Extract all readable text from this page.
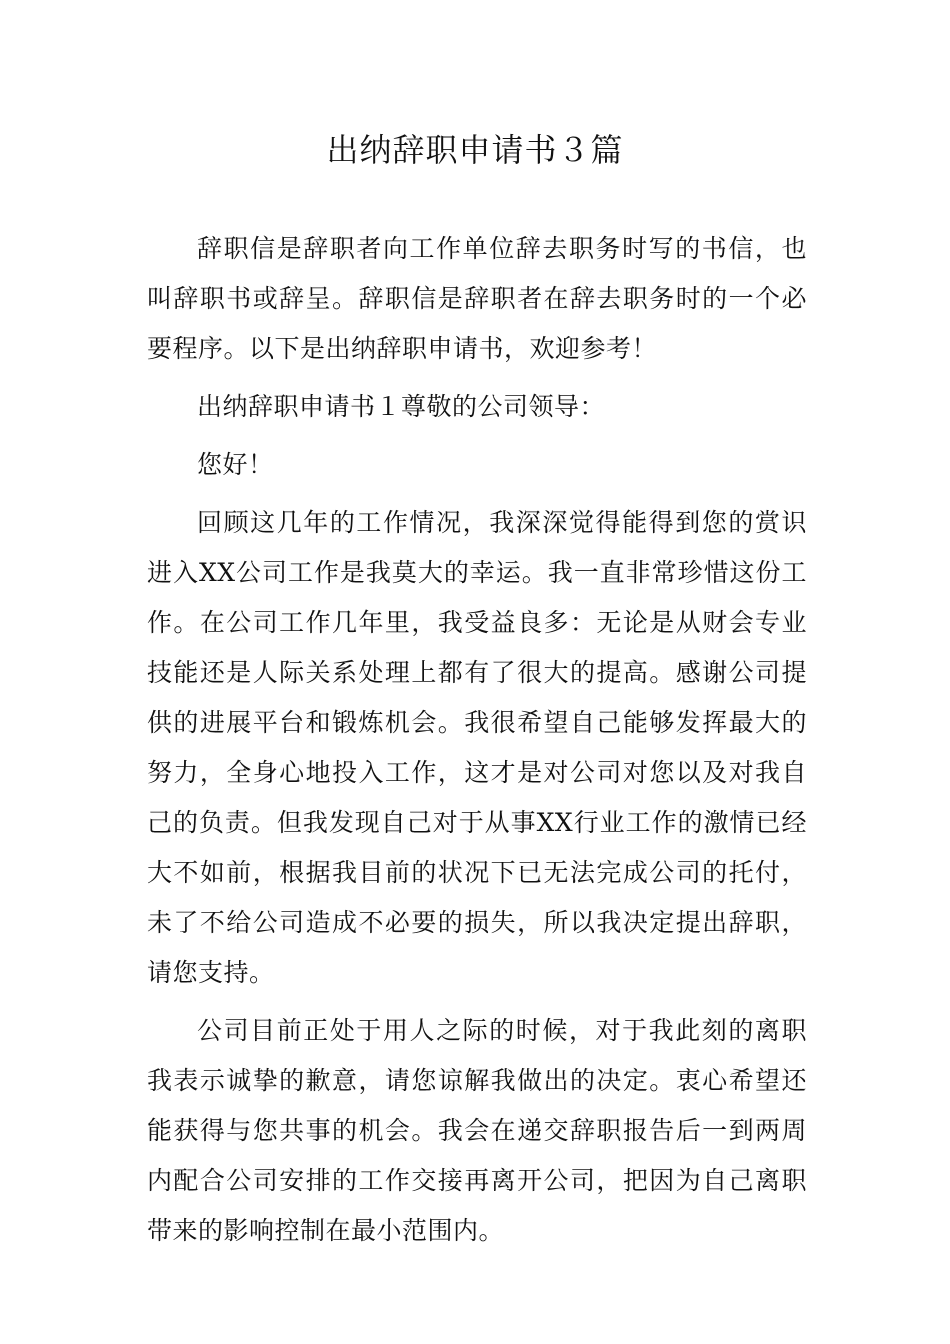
出纳辞职申请书３篇

辞职信是辞职者向工作单位辞去职务时写的书信，也叫辞职书或辞呈。辞职信是辞职者在辞去职务时的一个必要程序。以下是出纳辞职申请书，欢迎参考！

出纳辞职申请书１尊敬的公司领导：

您好！

回顾这几年的工作情况，我深深觉得能得到您的赏识进入XX公司工作是我莫大的幸运。我一直非常珍惜这份工作。在公司工作几年里，我受益良多：无论是从财会专业技能还是人际关系处理上都有了很大的提高。感谢公司提供的进展平台和锻炼机会。我很希望自己能够发挥最大的努力，全身心地投入工作，这才是对公司对您以及对我自己的负责。但我发现自己对于从事XX行业工作的激情已经大不如前，根据我目前的状况下已无法完成公司的托付，未了不给公司造成不必要的损失，所以我决定提出辞职，请您支持。

公司目前正处于用人之际的时候，对于我此刻的离职我表示诚挚的歉意，请您谅解我做出的决定。衷心希望还能获得与您共事的机会。我会在递交辞职报告后一到两周内配合公司安排的工作交接再离开公司，把因为自己离职带来的影响控制在最小范围内。
